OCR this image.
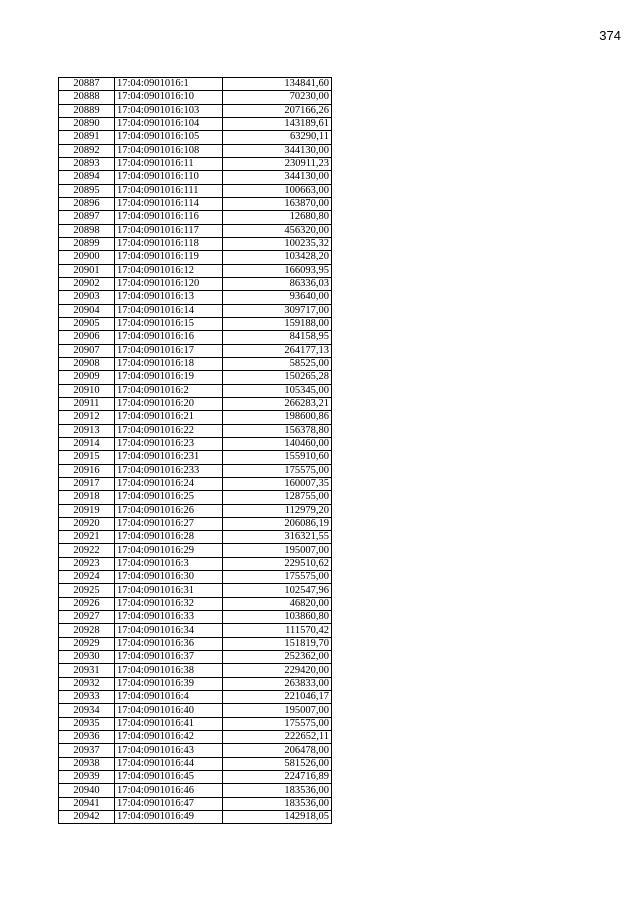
374
20887	17:04:0901016:1	134841,60
20888	17:04:0901016:10	70230,00
20889	17:04:0901016:103	207166,26
20890	17:04:0901016:104	143189,61
20891	17:04:0901016:105	63290,11
20892	17:04:0901016:108	344130,00
20893	17:04:0901016:11	230911,23
20894	17:04:0901016:110	344130,00
20895	17:04:0901016:111	100663,00
20896	17:04:0901016:114	163870,00
20897	17:04:0901016:116	12680,80
20898	17:04:0901016:117	456320,00
20899	17:04:0901016:118	100235,32
20900	17:04:0901016:119	103428,20
20901	17:04:0901016:12	166093,95
20902	17:04:0901016:120	86336,03
20903	17:04:0901016:13	93640,00
20904	17:04:0901016:14	309717,00
20905	17:04:0901016:15	159188,00
20906	17:04:0901016:16	84158,95
20907	17:04:0901016:17	264177,13
20908	17:04:0901016:18	58525,00
20909	17:04:0901016:19	150265,28
20910	17:04:0901016:2	105345,00
20911	17:04:0901016:20	266283,21
20912	17:04:0901016:21	198600,86
20913	17:04:0901016:22	156378,80
20914	17:04:0901016:23	140460,00
20915	17:04:0901016:231	155910,60
20916	17:04:0901016:233	175575,00
20917	17:04:0901016:24	160007,35
20918	17:04:0901016:25	128755,00
20919	17:04:0901016:26	112979,20
20920	17:04:0901016:27	206086,19
20921	17:04:0901016:28	316321,55
20922	17:04:0901016:29	195007,00
20923	17:04:0901016:3	229510,62
20924	17:04:0901016:30	175575,00
20925	17:04:0901016:31	102547,96
20926	17:04:0901016:32	46820,00
20927	17:04:0901016:33	103860,80
20928	17:04:0901016:34	111570,42
20929	17:04:0901016:36	151819,70
20930	17:04:0901016:37	252362,00
20931	17:04:0901016:38	229420,00
20932	17:04:0901016:39	263833,00
20933	17:04:0901016:4	221046,17
20934	17:04:0901016:40	195007,00
20935	17:04:0901016:41	175575,00
20936	17:04:0901016:42	222652,11
20937	17:04:0901016:43	206478,00
20938	17:04:0901016:44	581526,00
20939	17:04:0901016:45	224716,89
20940	17:04:0901016:46	183536,00
20941	17:04:0901016:47	183536,00
20942	17:04:0901016:49	142918,05
